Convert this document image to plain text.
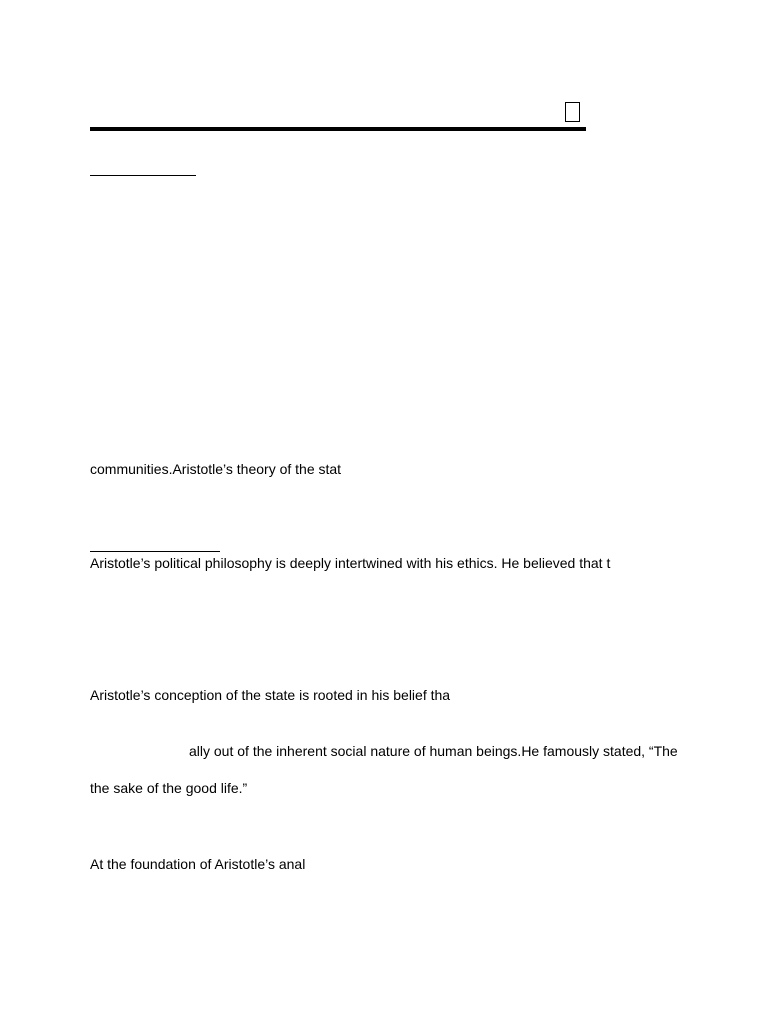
communities.Aristotle’s theory of the stat

Aristotle’s political philosophy is deeply intertwined with his ethics. He believed that t

Aristotle’s conception of the state is rooted in his belief tha

ally out of the inherent social nature of human beings.He famously stated, “The

the sake of the good life.”

At the foundation of Aristotle’s anal
